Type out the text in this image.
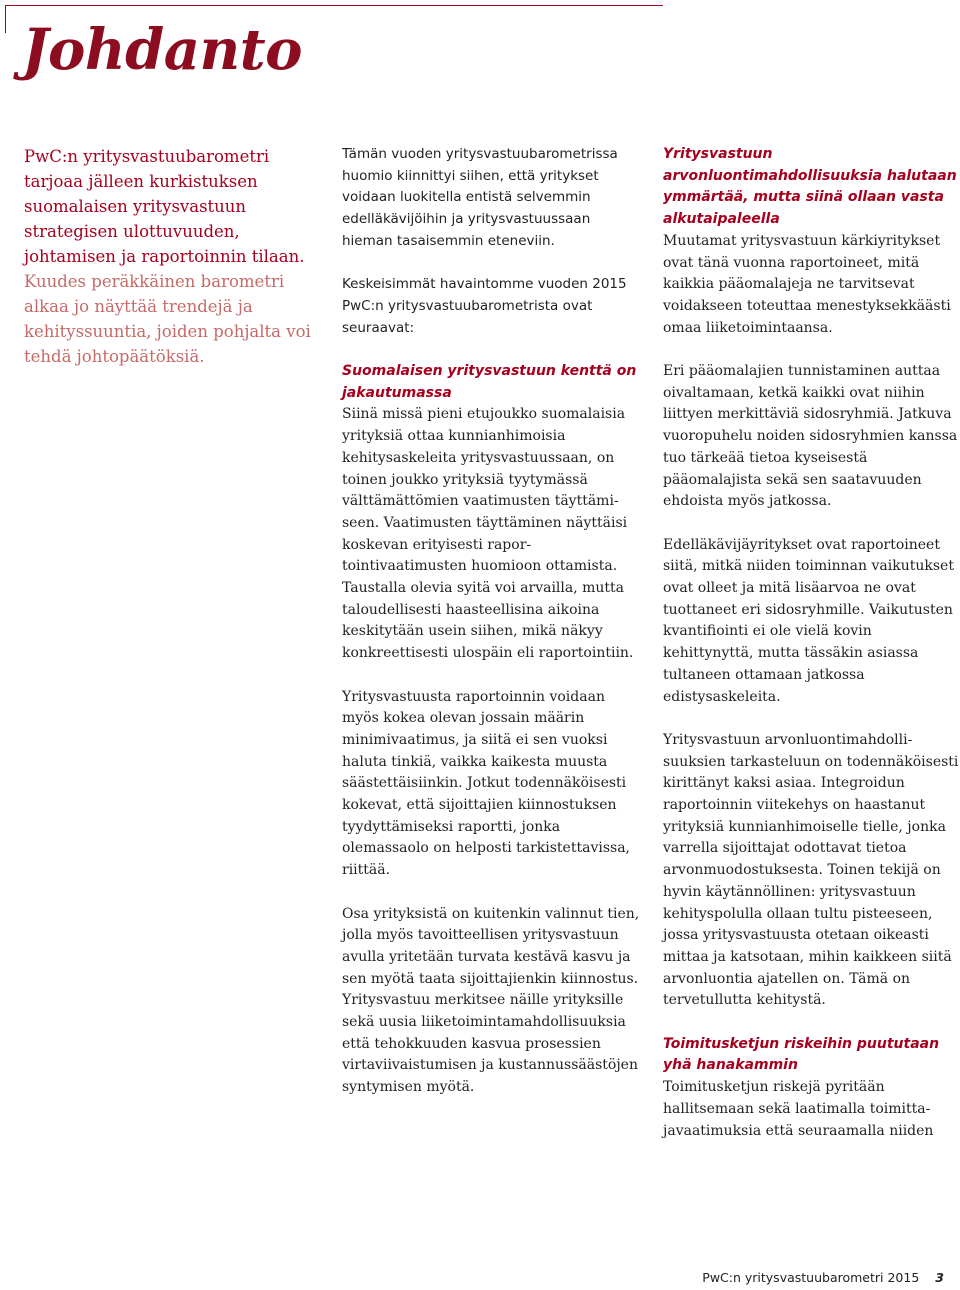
Johdanto

PwC:n yritysvastuubarometri tarjoaa jälleen kurkistuksen suomalaisen yritysvastuun strategisen ulottuvuuden, johtamisen ja raportoinnin tilaan. Kuudes peräkkäinen barometri alkaa jo näyttää trendejä ja kehityssuuntia, joiden pohjalta voi tehdä johtopäätöksiä.

Tämän vuoden yritysvastuubarometrissa huomio kiinnittyi siihen, että yritykset voidaan luokitella entistä selvemmin edelläkävijöihin ja yritysvastuussaan hieman tasaisemmin eteneviin.

Keskeisimmät havaintomme vuoden 2015 PwC:n yritysvastuubarometrista ovat seuraavat:

Suomalaisen yritysvastuun kenttä on jakautumassa

Siinä missä pieni etujoukko suomalaisia yrityksiä ottaa kunnianhimoisia kehitysaskeleita yritysvastuussaan, on toinen joukko yrityksiä tyytymässä välttämättömien vaatimusten täyttämiseen. Vaatimusten täyttäminen näyttäisi koskevan erityisesti raportointivaatimusten huomioon ottamista. Taustalla olevia syitä voi arvailla, mutta taloudellisesti haasteellisina aikoina keskitytään usein siihen, mikä näkyy konkreettisesti ulospäin eli raportointiin.

Yritysvastuusta raportoinnin voidaan myös kokea olevan jossain määrin minimivaatimus, ja siitä ei sen vuoksi haluta tinkiä, vaikka kaikesta muusta säästettäisiinkin. Jotkut todennäköisesti kokevat, että sijoittajien kiinnostuksen tyydyttämiseksi raportti, jonka olemassaolo on helposti tarkistettavissa, riittää.

Osa yrityksistä on kuitenkin valinnut tien, jolla myös tavoitteellisen yritysvastuun avulla yritetään turvata kestävä kasvu ja sen myötä taata sijoittajienkin kiinnostus. Yritysvastuu merkitsee näille yrityksille sekä uusia liiketoimintamahdollisuuksia että tehokkuuden kasvua prosessien virtaviivaistumisen ja kustannussäästöjen syntymisen myötä.

Yritysvastuun arvonluontimahdollisuuksia halutaan ymmärtää, mutta siinä ollaan vasta alkutaipaleella

Muutamat yritysvastuun kärkiyritykset ovat tänä vuonna raportoineet, mitä kaikkia pääomalajeja ne tarvitsevat voidakseen toteuttaa menestyksekkäästi omaa liiketoimintaansa.

Eri pääomalajien tunnistaminen auttaa oivaltamaan, ketkä kaikki ovat niihin liittyen merkittäviä sidosryhmiä. Jatkuva vuoropuhelu noiden sidosryhmien kanssa tuo tärkeää tietoa kyseisestä pääomalajista sekä sen saatavuuden ehdoista myös jatkossa.

Edelläkävijäyritykset ovat raportoineet siitä, mitkä niiden toiminnan vaikutukset ovat olleet ja mitä lisäarvoa ne ovat tuottaneet eri sidosryhmille. Vaikutusten kvantifiointi ei ole vielä kovin kehittynyttä, mutta tässäkin asiassa tultaneen ottamaan jatkossa edistysaskeleita.

Yritysvastuun arvonluontimahdollisuuksien tarkasteluun on todennäköisesti kirittänyt kaksi asiaa. Integroidun raportoinnin viitekehys on haastanut yrityksiä kunnianhimoiselle tielle, jonka varrella sijoittajat odottavat tietoa arvonmuodostuksesta. Toinen tekijä on hyvin käytännöllinen: yritysvastuun kehityspolulla ollaan tultu pisteeseen, jossa yritysvastuusta otetaan oikeasti mittaa ja katsotaan, mihin kaikkeen siitä arvonluontia ajatellen on. Tämä on tervetullutta kehitystä.

Toimitusketjun riskeihin puututaan yhä hanakammin

Toimitusketjun riskejä pyritään hallitsemaan sekä laatimalla toimittajavaatimuksia että seuraamalla niiden

PwC:n yritysvastuubarometri 2015 3
